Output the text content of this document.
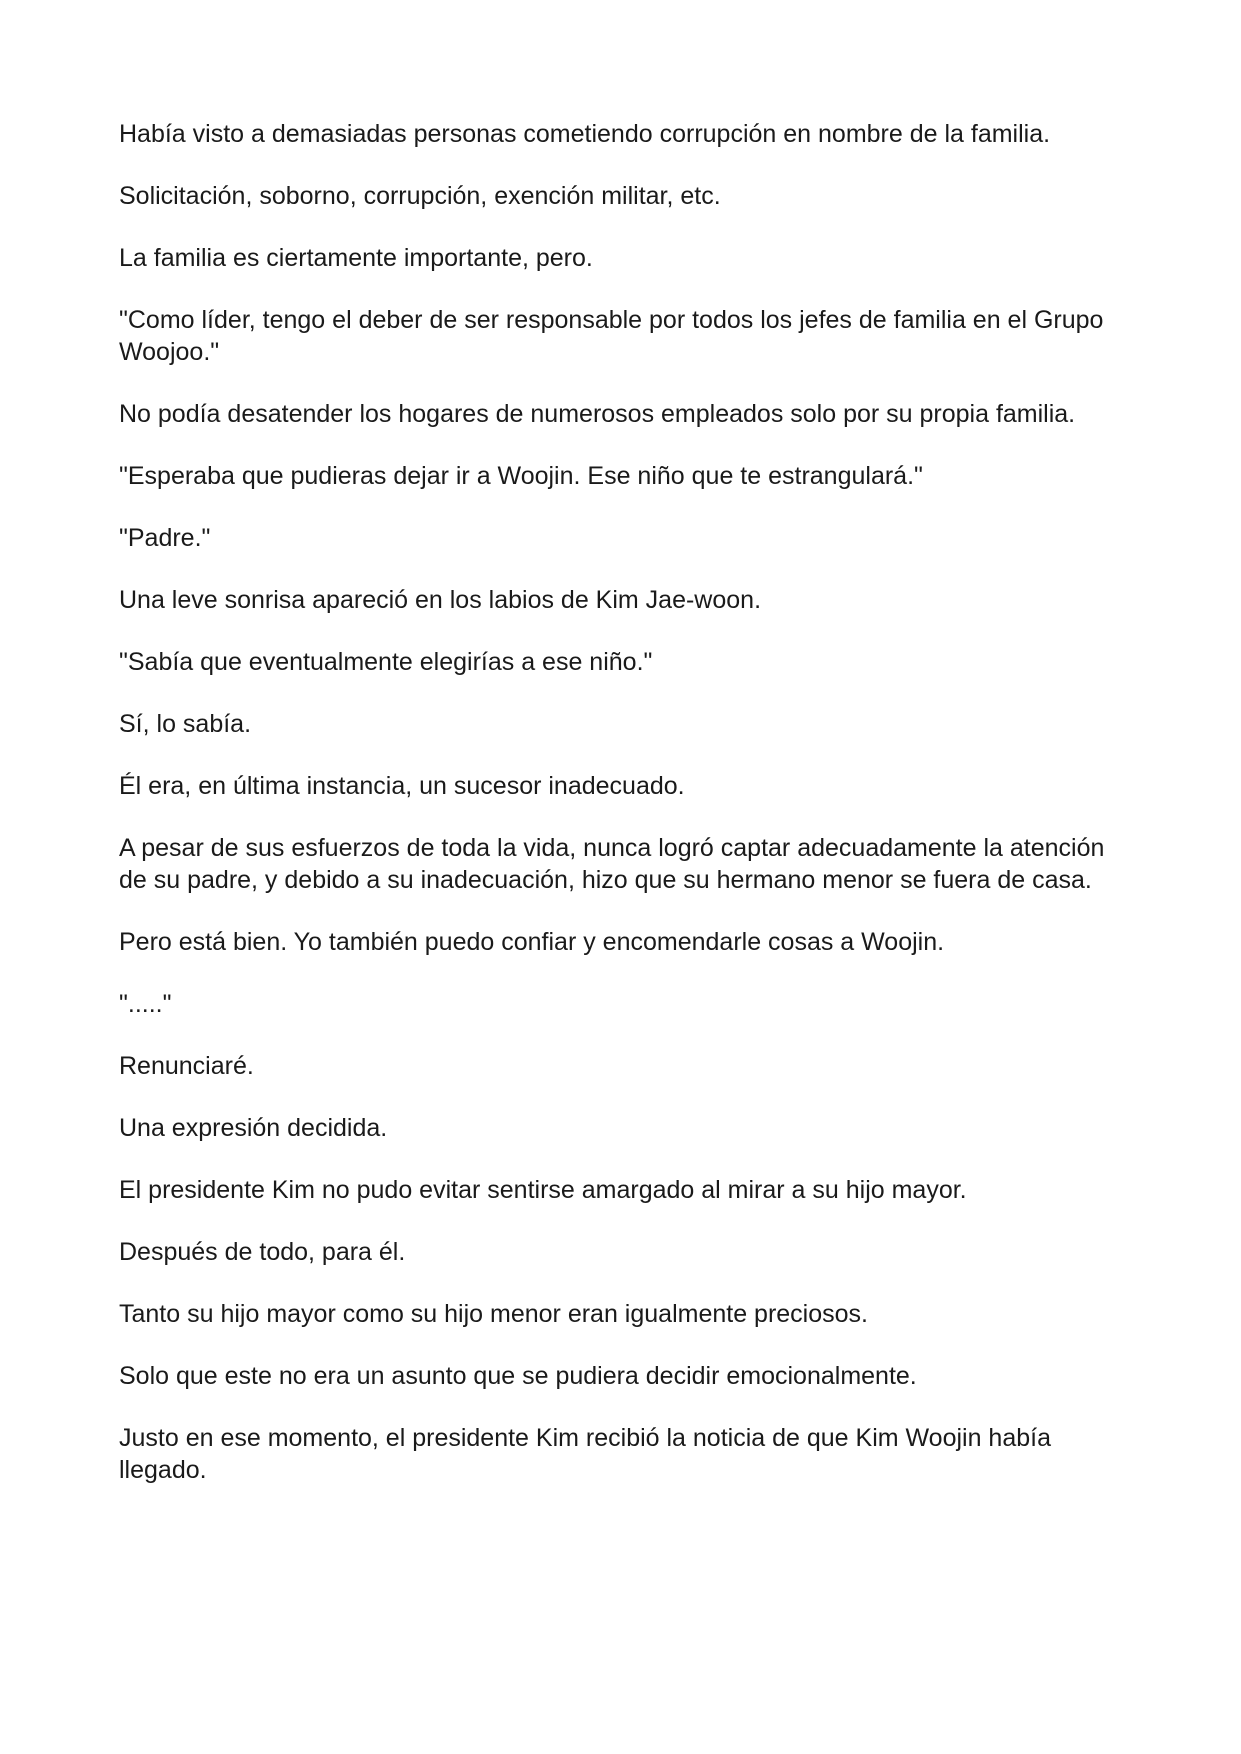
Había visto a demasiadas personas cometiendo corrupción en nombre de la familia.

Solicitación, soborno, corrupción, exención militar, etc.

La familia es ciertamente importante, pero.

"Como líder, tengo el deber de ser responsable por todos los jefes de familia en el Grupo Woojoo."

No podía desatender los hogares de numerosos empleados solo por su propia familia.

"Esperaba que pudieras dejar ir a Woojin. Ese niño que te estrangulará."

"Padre."

Una leve sonrisa apareció en los labios de Kim Jae-woon.

"Sabía que eventualmente elegirías a ese niño."

Sí, lo sabía.

Él era, en última instancia, un sucesor inadecuado.

A pesar de sus esfuerzos de toda la vida, nunca logró captar adecuadamente la atención de su padre, y debido a su inadecuación, hizo que su hermano menor se fuera de casa.

Pero está bien. Yo también puedo confiar y encomendarle cosas a Woojin.

"....."

Renunciaré.

Una expresión decidida.

El presidente Kim no pudo evitar sentirse amargado al mirar a su hijo mayor.

Después de todo, para él.

Tanto su hijo mayor como su hijo menor eran igualmente preciosos.

Solo que este no era un asunto que se pudiera decidir emocionalmente.

Justo en ese momento, el presidente Kim recibió la noticia de que Kim Woojin había llegado.
